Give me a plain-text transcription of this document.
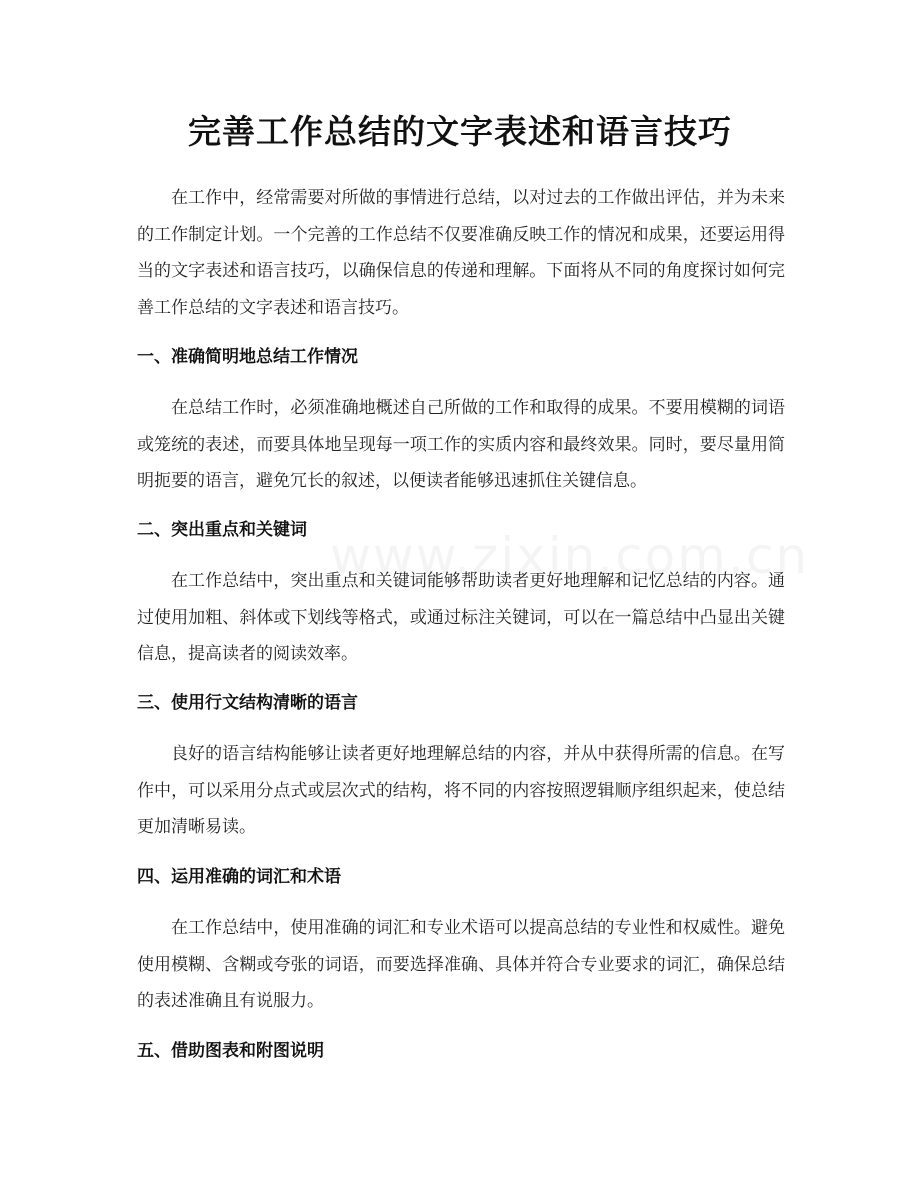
完善工作总结的文字表述和语言技巧

在工作中，经常需要对所做的事情进行总结，以对过去的工作做出评估，并为未来的工作制定计划。一个完善的工作总结不仅要准确反映工作的情况和成果，还要运用得当的文字表述和语言技巧，以确保信息的传递和理解。下面将从不同的角度探讨如何完善工作总结的文字表述和语言技巧。

一、准确简明地总结工作情况

在总结工作时，必须准确地概述自己所做的工作和取得的成果。不要用模糊的词语或笼统的表述，而要具体地呈现每一项工作的实质内容和最终效果。同时，要尽量用简明扼要的语言，避免冗长的叙述，以便读者能够迅速抓住关键信息。

二、突出重点和关键词

在工作总结中，突出重点和关键词能够帮助读者更好地理解和记忆总结的内容。通过使用加粗、斜体或下划线等格式，或通过标注关键词，可以在一篇总结中凸显出关键信息，提高读者的阅读效率。

三、使用行文结构清晰的语言

良好的语言结构能够让读者更好地理解总结的内容，并从中获得所需的信息。在写作中，可以采用分点式或层次式的结构，将不同的内容按照逻辑顺序组织起来，使总结更加清晰易读。

四、运用准确的词汇和术语

在工作总结中，使用准确的词汇和专业术语可以提高总结的专业性和权威性。避免使用模糊、含糊或夸张的词语，而要选择准确、具体并符合专业要求的词汇，确保总结的表述准确且有说服力。

五、借助图表和附图说明
